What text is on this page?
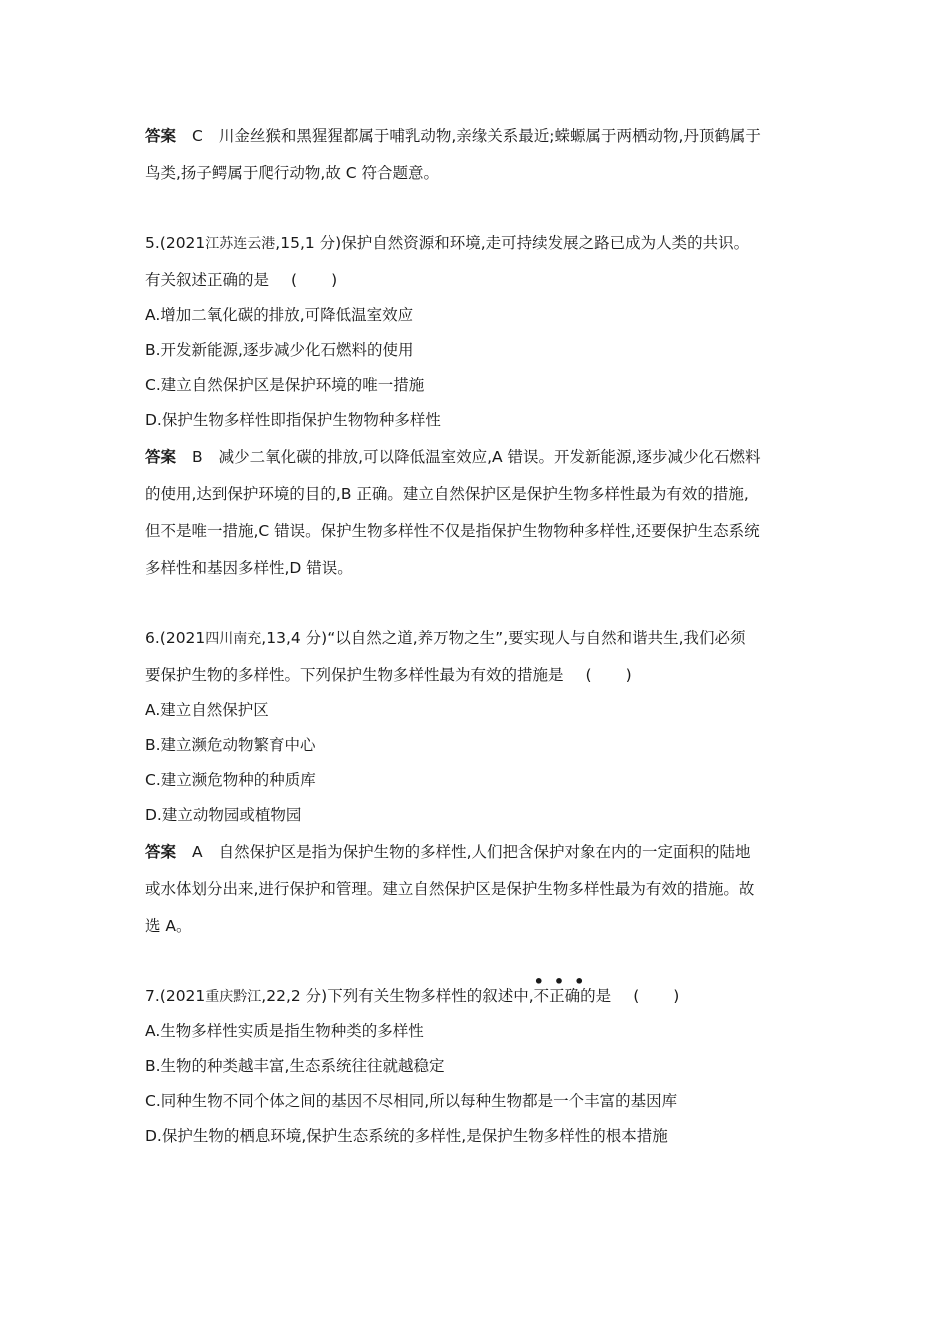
答案 C 川金丝猴和黑猩猩都属于哺乳动物,亲缘关系最近;蝾螈属于两栖动物,丹顶鹤属于
鸟类,扬子鳄属于爬行动物,故 C 符合题意。
5.(2021江苏连云港,15,1 分)保护自然资源和环境,走可持续发展之路已成为人类的共识。
有关叙述正确的是 ( )
A.增加二氧化碳的排放,可降低温室效应
B.开发新能源,逐步减少化石燃料的使用
C.建立自然保护区是保护环境的唯一措施
D.保护生物多样性即指保护生物物种多样性
答案 B 减少二氧化碳的排放,可以降低温室效应,A 错误。开发新能源,逐步减少化石燃料
的使用,达到保护环境的目的,B 正确。建立自然保护区是保护生物多样性最为有效的措施,
但不是唯一措施,C 错误。保护生物多样性不仅是指保护生物物种多样性,还要保护生态系统
多样性和基因多样性,D 错误。
6.(2021四川南充,13,4 分)“以自然之道,养万物之生”,要实现人与自然和谐共生,我们必须
要保护生物的多样性。下列保护生物多样性最为有效的措施是 ( )
A.建立自然保护区
B.建立濒危动物繁育中心
C.建立濒危物种的种质库
D.建立动物园或植物园
答案 A 自然保护区是指为保护生物的多样性,人们把含保护对象在内的一定面积的陆地
或水体划分出来,进行保护和管理。建立自然保护区是保护生物多样性最为有效的措施。故
选 A。
7.(2021重庆黔江,22,2 分)下列有关生物多样性的叙述中,
•••
不正确的是 ( )
A.生物多样性实质是指生物种类的多样性
B.生物的种类越丰富,生态系统往往就越稳定
C.同种生物不同个体之间的基因不尽相同,所以每种生物都是一个丰富的基因库
D.保护生物的栖息环境,保护生态系统的多样性,是保护生物多样性的根本措施
